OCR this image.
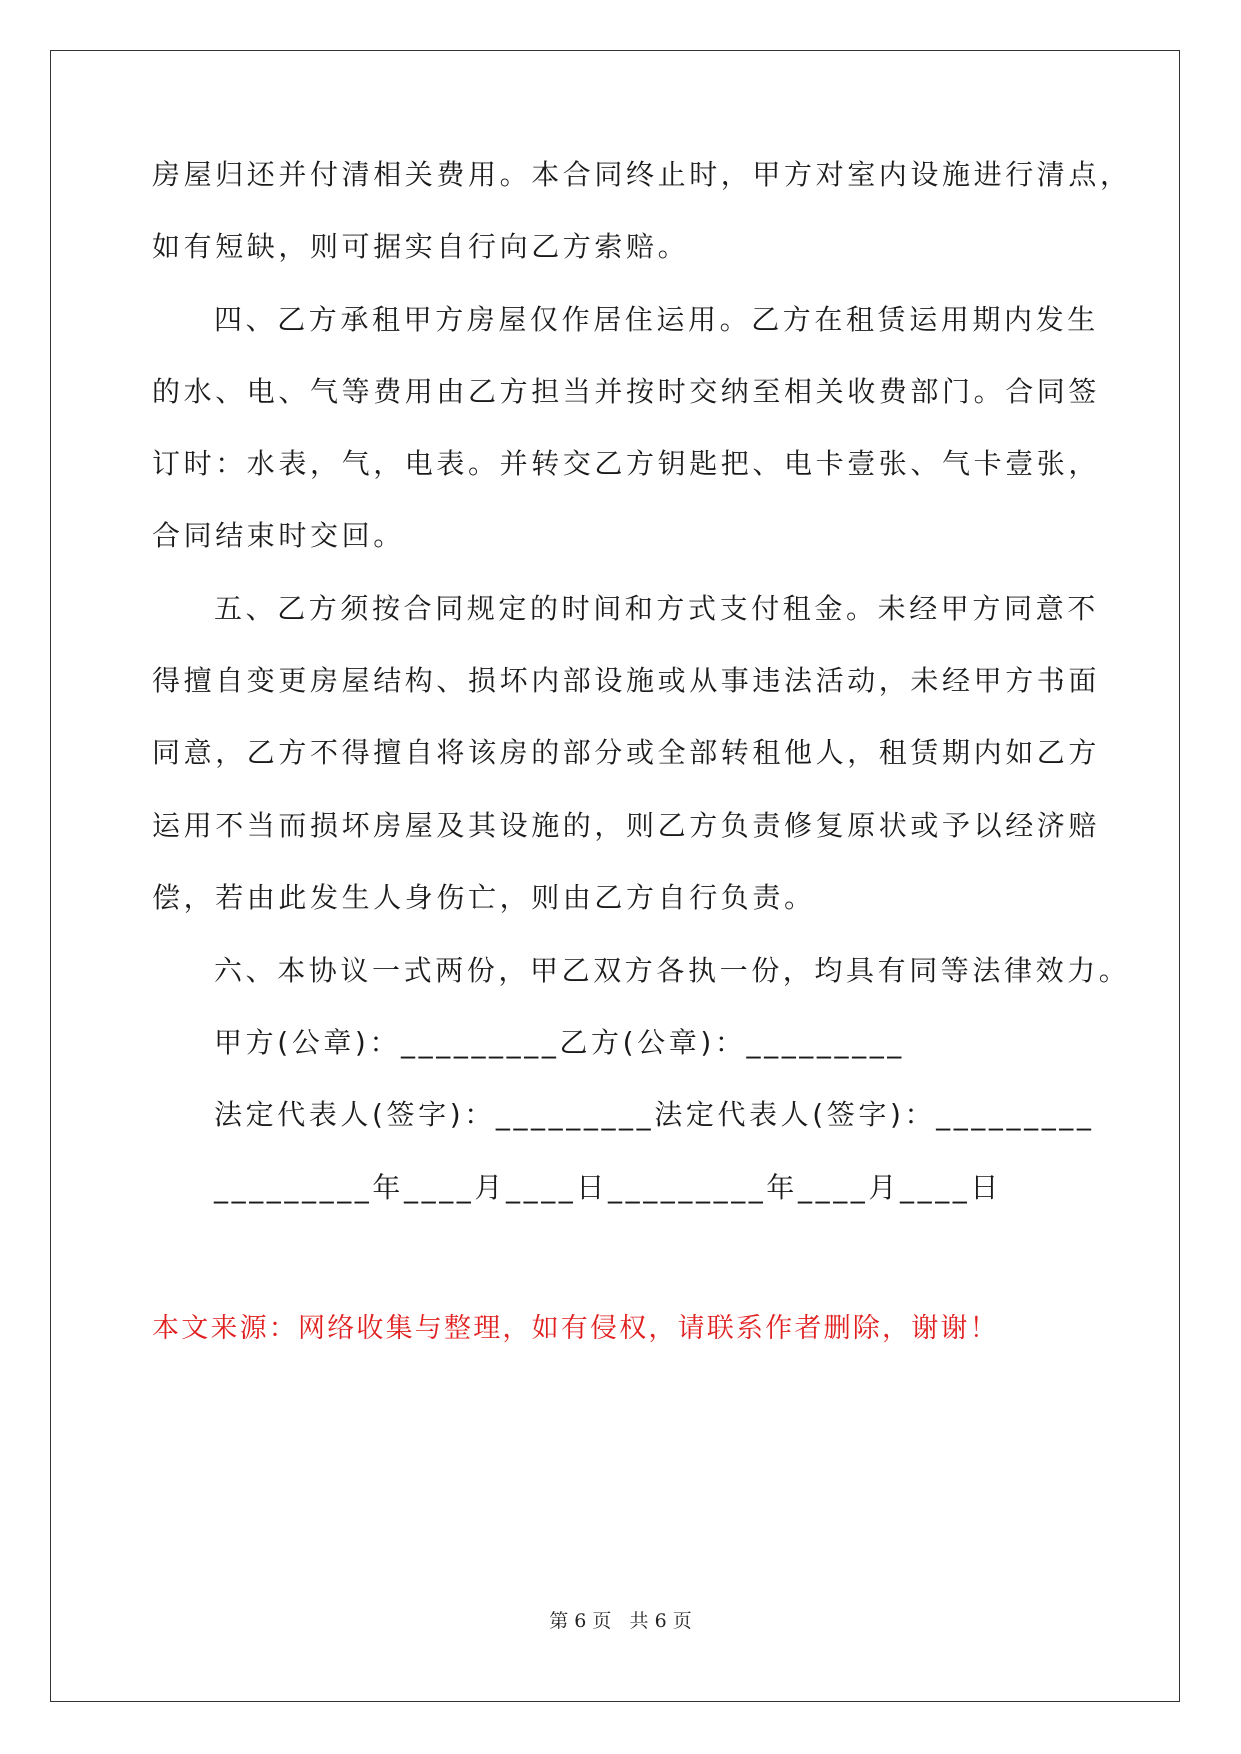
房屋归还并付清相关费用。本合同终止时，甲方对室内设施进行清点，
如有短缺，则可据实自行向乙方索赔。
四、乙方承租甲方房屋仅作居住运用。乙方在租赁运用期内发生
的水、电、气等费用由乙方担当并按时交纳至相关收费部门。合同签
订时：水表，气，电表。并转交乙方钥匙把、电卡壹张、气卡壹张，
合同结束时交回。
五、乙方须按合同规定的时间和方式支付租金。未经甲方同意不
得擅自变更房屋结构、损坏内部设施或从事违法活动，未经甲方书面
同意，乙方不得擅自将该房的部分或全部转租他人，租赁期内如乙方
运用不当而损坏房屋及其设施的，则乙方负责修复原状或予以经济赔
偿，若由此发生人身伤亡，则由乙方自行负责。
六、本协议一式两份，甲乙双方各执一份，均具有同等法律效力。
甲方(公章)：_________乙方(公章)：_________
法定代表人(签字)：_________法定代表人(签字)：_________
_________年____月____日_________年____月____日
本文来源：网络收集与整理，如有侵权，请联系作者删除，谢谢！
第 6 页   共 6 页
